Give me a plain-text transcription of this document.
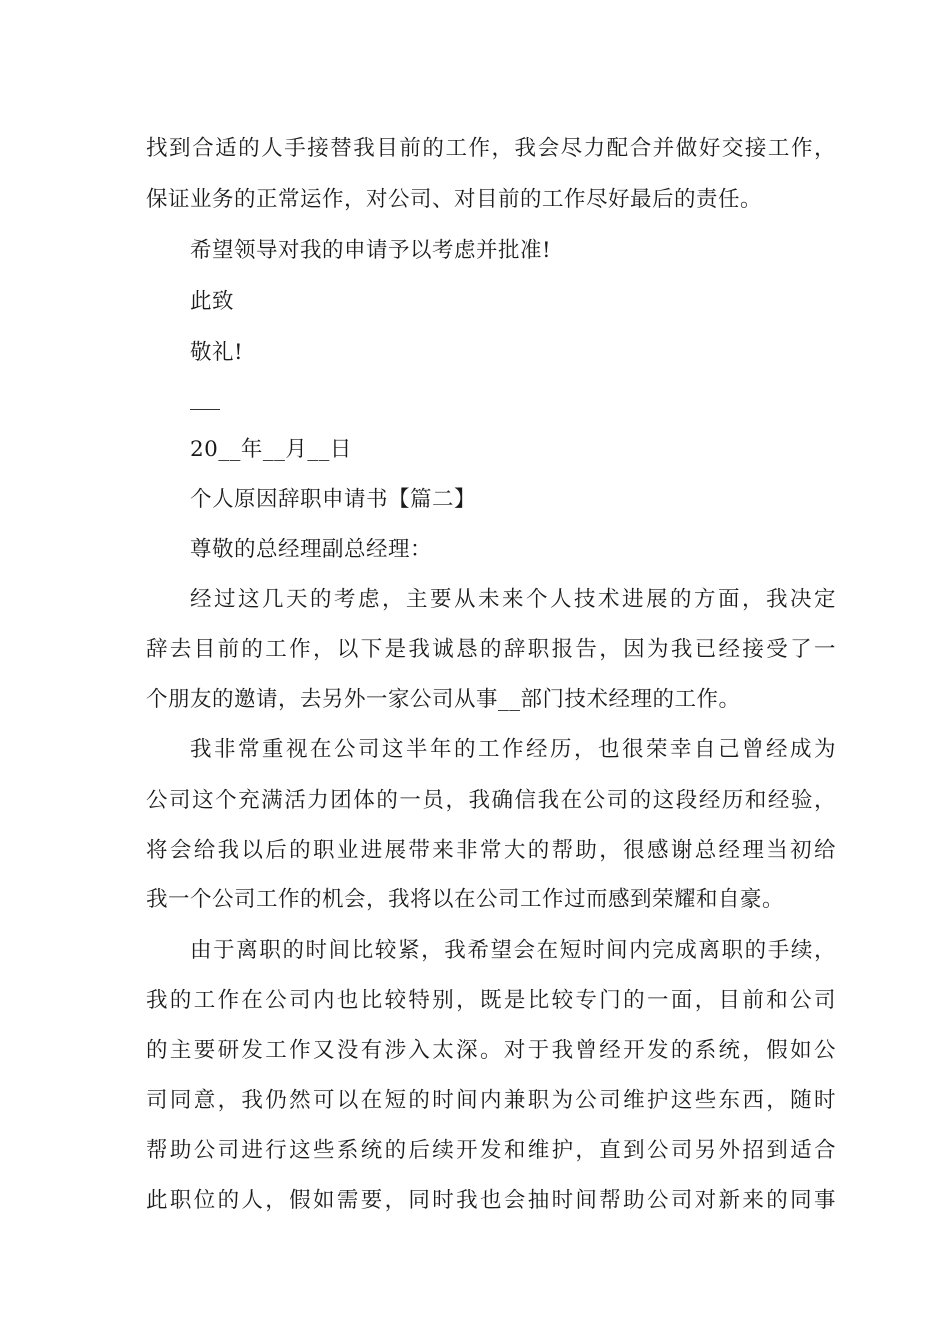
找到合适的人手接替我目前的工作，我会尽力配合并做好交接工作，
保证业务的正常运作，对公司、对目前的工作尽好最后的责任。
希望领导对我的申请予以考虑并批准!
此致
敬礼!
20__年__月__日
个人原因辞职申请书【篇二】
尊敬的总经理副总经理：
经过这几天的考虑，主要从未来个人技术进展的方面，我决定
辞去目前的工作，以下是我诚恳的辞职报告，因为我已经接受了一
个朋友的邀请，去另外一家公司从事__部门技术经理的工作。
我非常重视在公司这半年的工作经历，也很荣幸自己曾经成为
公司这个充满活力团体的一员，我确信我在公司的这段经历和经验，
将会给我以后的职业进展带来非常大的帮助，很感谢总经理当初给
我一个公司工作的机会，我将以在公司工作过而感到荣耀和自豪。
由于离职的时间比较紧，我希望会在短时间内完成离职的手续，
我的工作在公司内也比较特别，既是比较专门的一面，目前和公司
的主要研发工作又没有涉入太深。对于我曾经开发的系统，假如公
司同意，我仍然可以在短的时间内兼职为公司维护这些东西，随时
帮助公司进行这些系统的后续开发和维护，直到公司另外招到适合
此职位的人，假如需要，同时我也会抽时间帮助公司对新来的同事
